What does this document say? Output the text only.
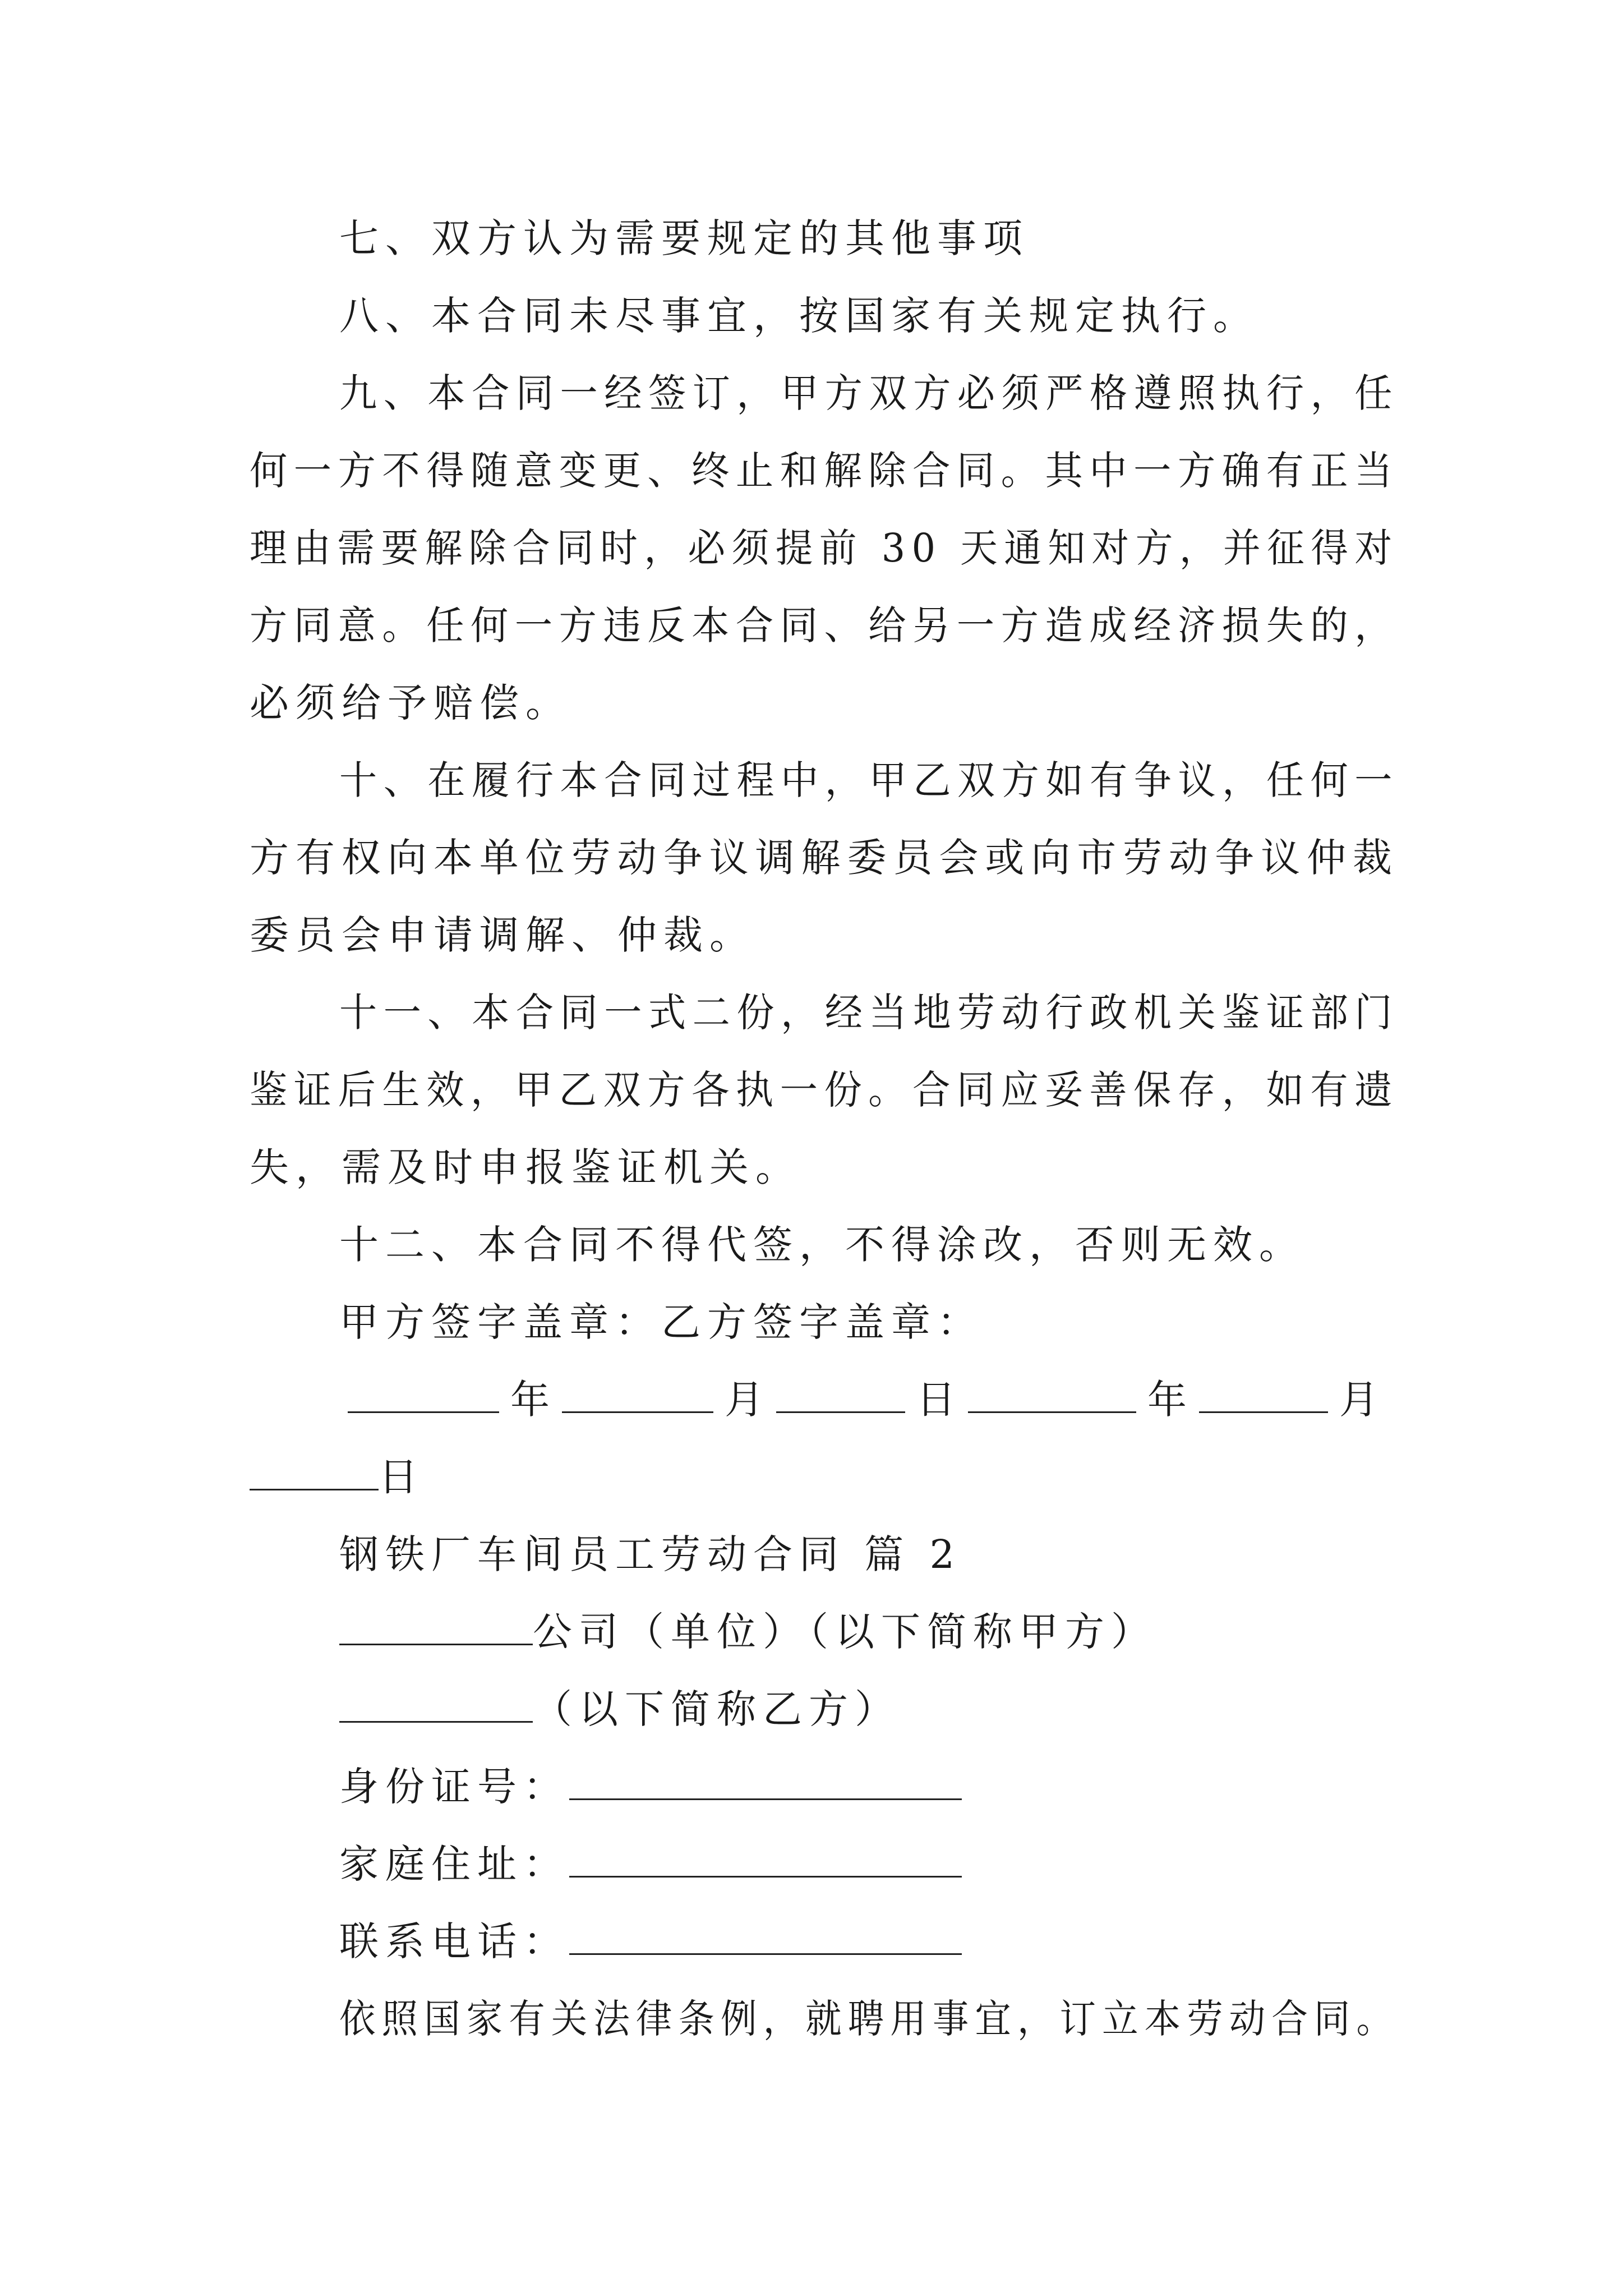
七、双方认为需要规定的其他事项
八、本合同未尽事宜，按国家有关规定执行。
九、本合同一经签订，甲方双方必须严格遵照执行，任
何一方不得随意变更、终止和解除合同。其中一方确有正当
理由需要解除合同时，必须提前 30 天通知对方，并征得对
方同意。任何一方违反本合同、给另一方造成经济损失的，
必须给予赔偿。
十、在履行本合同过程中，甲乙双方如有争议，任何一
方有权向本单位劳动争议调解委员会或向市劳动争议仲裁
委员会申请调解、仲裁。
十一、本合同一式二份，经当地劳动行政机关鉴证部门
鉴证后生效，甲乙双方各执一份。合同应妥善保存，如有遗
失，需及时申报鉴证机关。
十二、本合同不得代签，不得涂改，否则无效。
甲方签字盖章：乙方签字盖章：
年	月	日	年	月
日
钢铁厂车间员工劳动合同 篇 2
公司（单位）（以下简称甲方）
（以下简称乙方）
身份证号：
家庭住址：
联系电话：
依照国家有关法律条例，就聘用事宜，订立本劳动合同。
